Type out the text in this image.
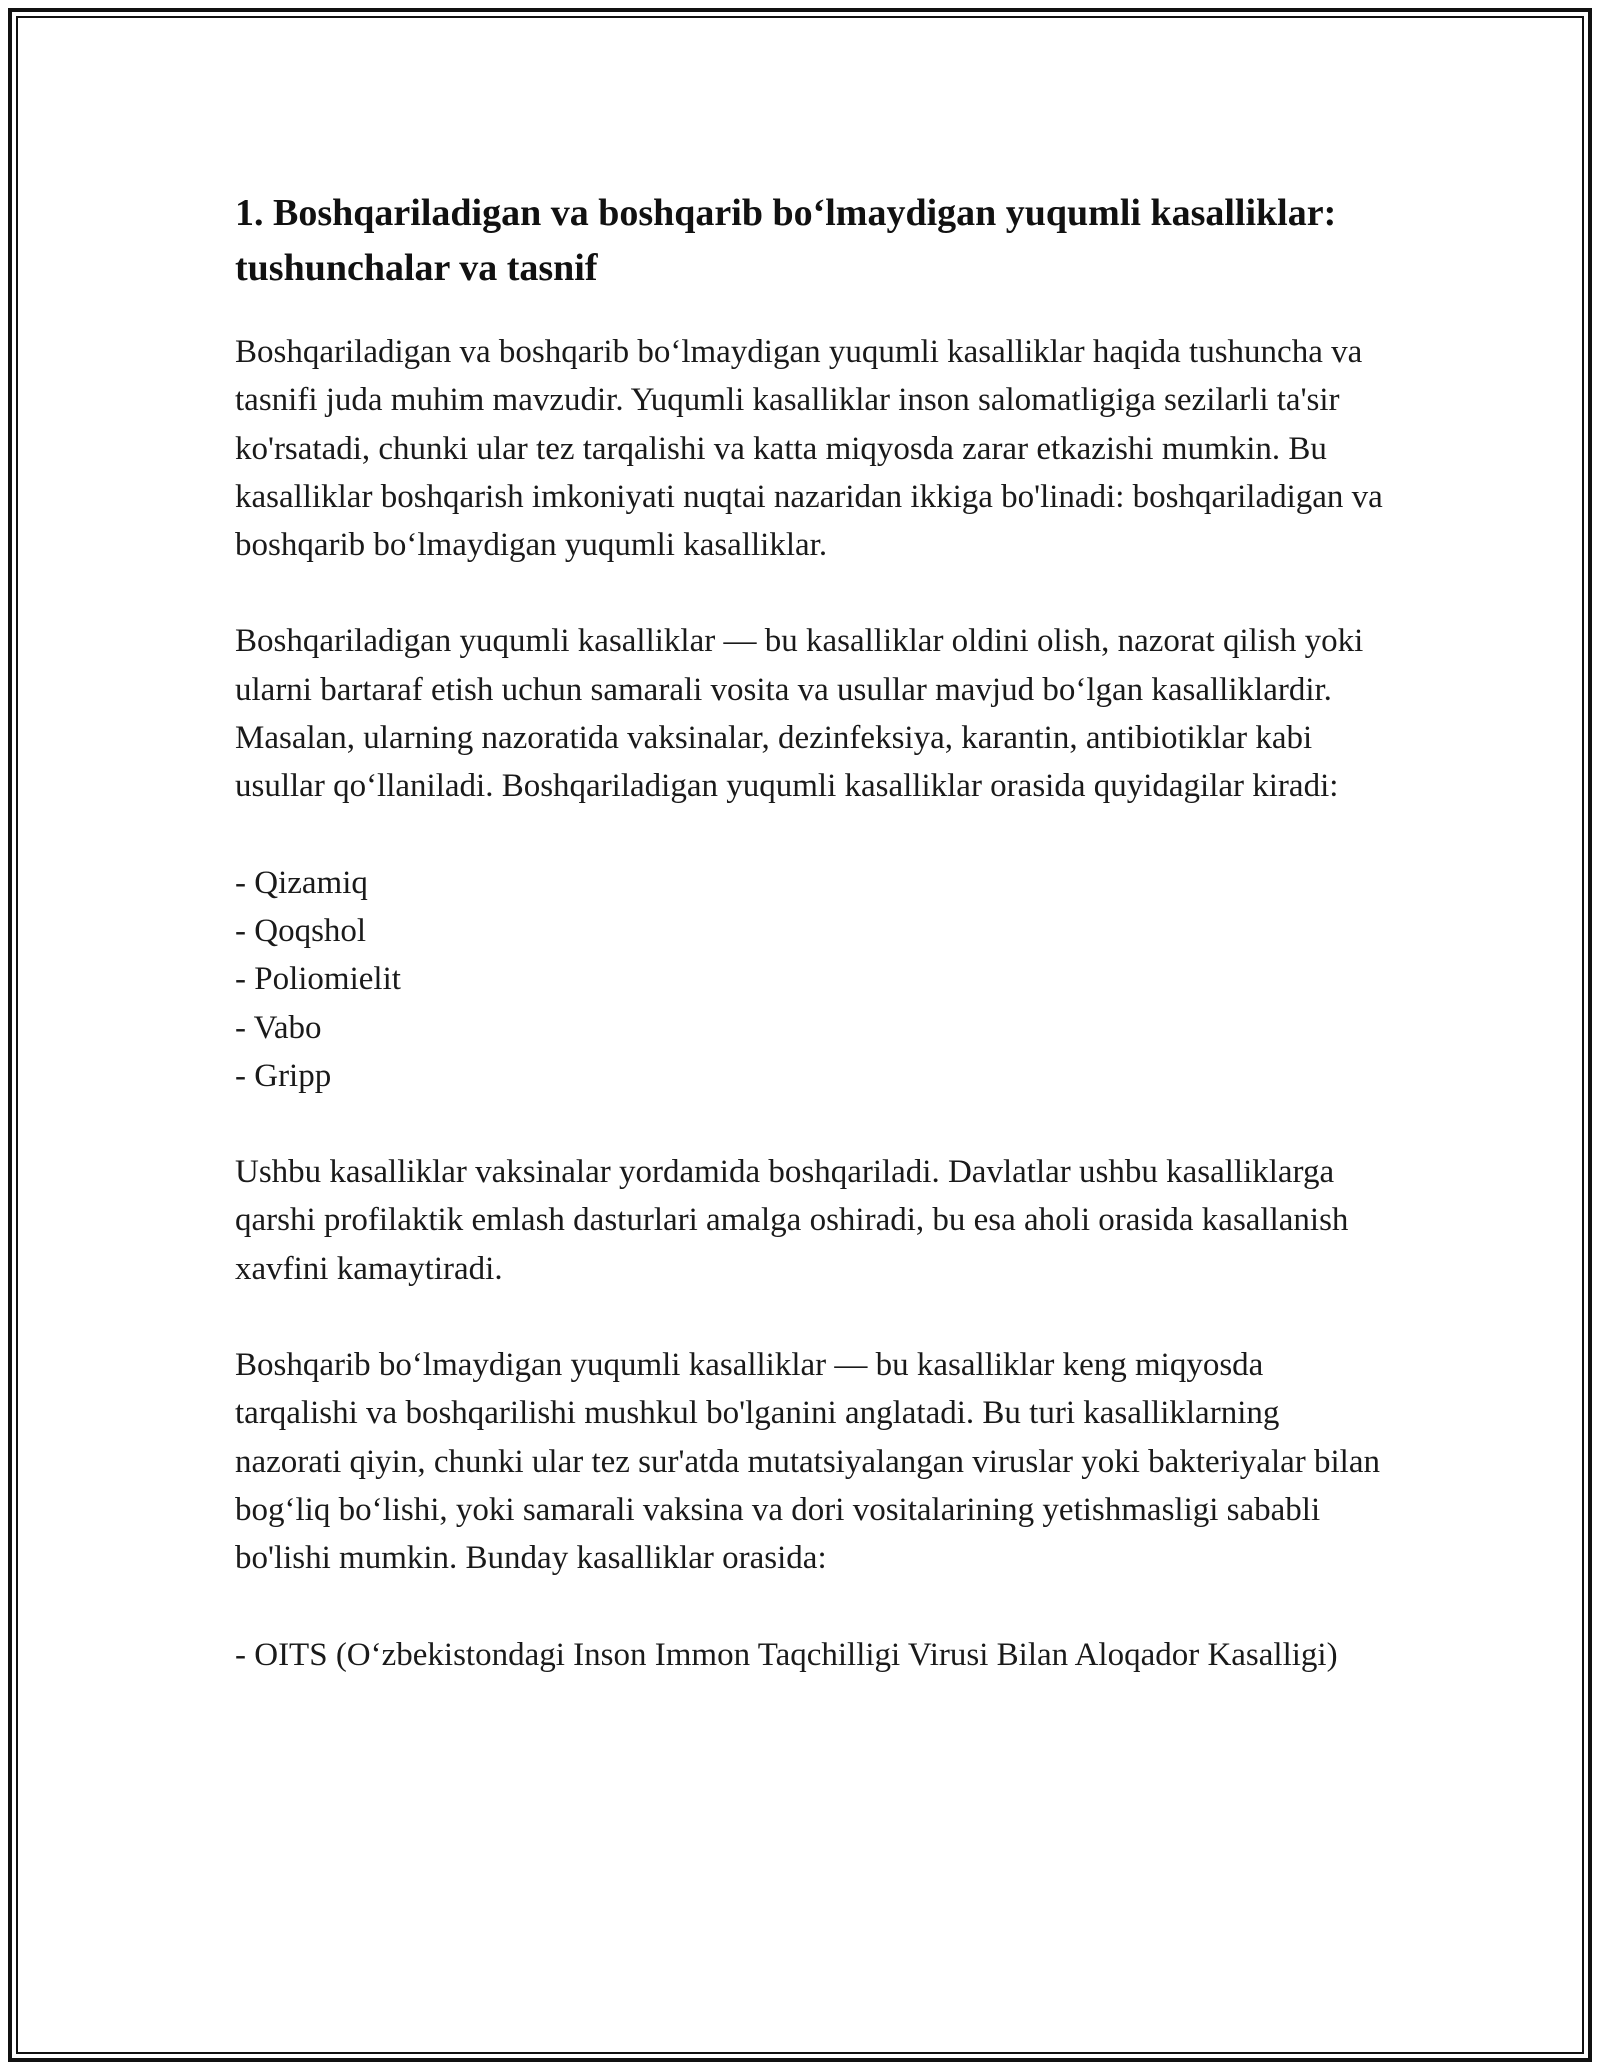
1. Boshqariladigan va boshqarib bo‘lmaydigan yuqumli kasalliklar: tushunchalar va tasnif

Boshqariladigan va boshqarib bo‘lmaydigan yuqumli kasalliklar haqida tushuncha va tasnifi juda muhim mavzudir. Yuqumli kasalliklar inson salomatligiga sezilarli ta'sir ko'rsatadi, chunki ular tez tarqalishi va katta miqyosda zarar etkazishi mumkin. Bu kasalliklar boshqarish imkoniyati nuqtai nazaridan ikkiga bo'linadi: boshqariladigan va boshqarib bo‘lmaydigan yuqumli kasalliklar.

Boshqariladigan yuqumli kasalliklar — bu kasalliklar oldini olish, nazorat qilish yoki ularni bartaraf etish uchun samarali vosita va usullar mavjud bo‘lgan kasalliklardir. Masalan, ularning nazoratida vaksinalar, dezinfeksiya, karantin, antibiotiklar kabi usullar qo‘llaniladi. Boshqariladigan yuqumli kasalliklar orasida quyidagilar kiradi:

- Qizamiq
- Qoqshol
- Poliomielit
- Vabo
- Gripp

Ushbu kasalliklar vaksinalar yordamida boshqariladi. Davlatlar ushbu kasalliklarga qarshi profilaktik emlash dasturlari amalga oshiradi, bu esa aholi orasida kasallanish xavfini kamaytiradi.

Boshqarib bo‘lmaydigan yuqumli kasalliklar — bu kasalliklar keng miqyosda tarqalishi va boshqarilishi mushkul bo'lganini anglatadi. Bu turi kasalliklarning nazorati qiyin, chunki ular tez sur'atda mutatsiyalangan viruslar yoki bakteriyalar bilan bog‘liq bo‘lishi, yoki samarali vaksina va dori vositalarining yetishmasligi sababli bo'lishi mumkin. Bunday kasalliklar orasida:

- OITS (O‘zbekistondagi Inson Immon Taqchilligi Virusi Bilan Aloqador Kasalligi)
